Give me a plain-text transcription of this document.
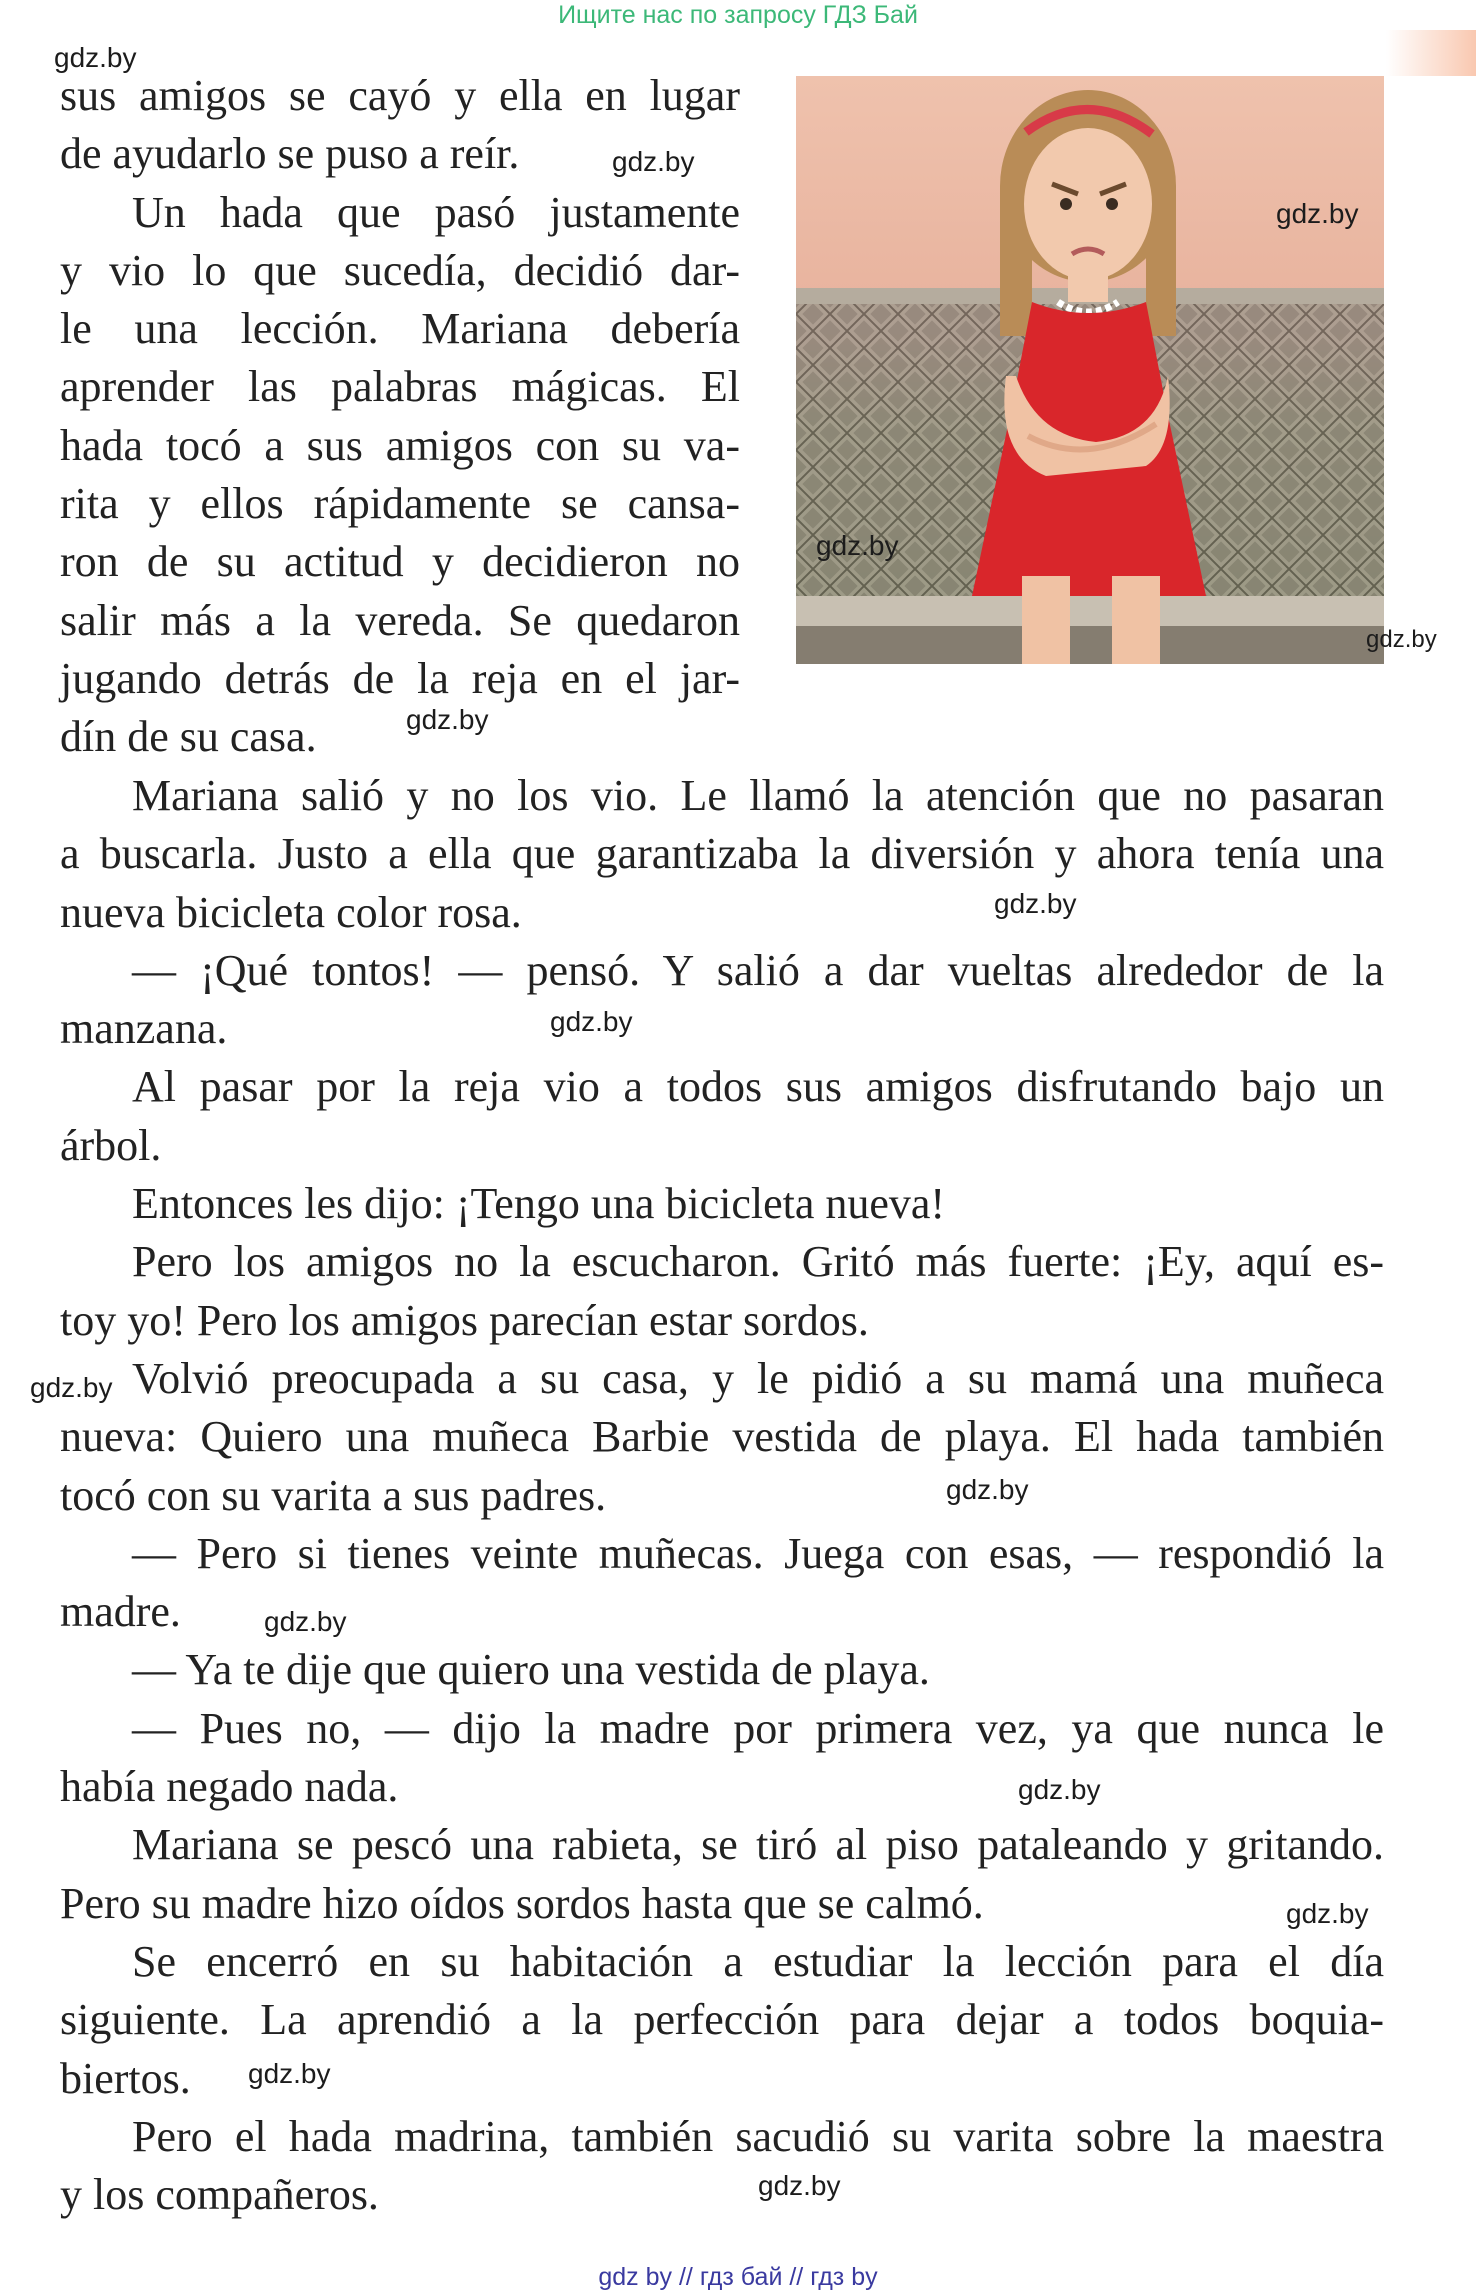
Ищите нас по запросу ГДЗ Бай
sus amigos se cayó y ella en lugar
de ayudarlo se puso a reír.
Un hada que pasó justamente
y vio lo que sucedía, decidió dar-
le una lección. Mariana debería
aprender las palabras mágicas. El
hada tocó a sus amigos con su va-
rita y ellos rápidamente se cansa-
ron de su actitud y decidieron no
salir más a la vereda. Se quedaron
jugando detrás de la reja en el jar-
dín de su casa.
Mariana salió y no los vio. Le llamó la atención que no pasaran
a buscarla. Justo a ella que garantizaba la diversión y ahora tenía una
nueva bicicleta color rosa.
— ¡Qué tontos! — pensó. Y salió a dar vueltas alrededor de la
manzana.
Al pasar por la reja vio a todos sus amigos disfrutando bajo un
árbol.
Entonces les dijo: ¡Tengo una bicicleta nueva!
Pero los amigos no la escucharon. Gritó más fuerte: ¡Ey, aquí es-
toy yo! Pero los amigos parecían estar sordos.
Volvió preocupada a su casa, y le pidió a su mamá una muñeca
nueva: Quiero una muñeca Barbie vestida de playa. El hada también
tocó con su varita a sus padres.
— Pero si tienes veinte muñecas. Juega con esas, — respondió la
madre.
— Ya te dije que quiero una vestida de playa.
— Pues no, — dijo la madre por primera vez, ya que nunca le
había negado nada.
Mariana se pescó una rabieta, se tiró al piso pataleando y gritando.
Pero su madre hizo oídos sordos hasta que se calmó.
Se encerró en su habitación a estudiar la lección para el día
siguiente. La aprendió a la perfección para dejar a todos boquia-
biertos.
Pero el hada madrina, también sacudió su varita sobre la maestra
y los compañeros.
gdz.by
gdz.by
gdz.by
gdz.by
gdz.by
gdz.by
gdz.by
gdz.by
gdz.by
gdz.by
gdz.by
gdz.by
gdz.by
gdz.by
gdz.by
gdz by // гдз бай // гдз by
